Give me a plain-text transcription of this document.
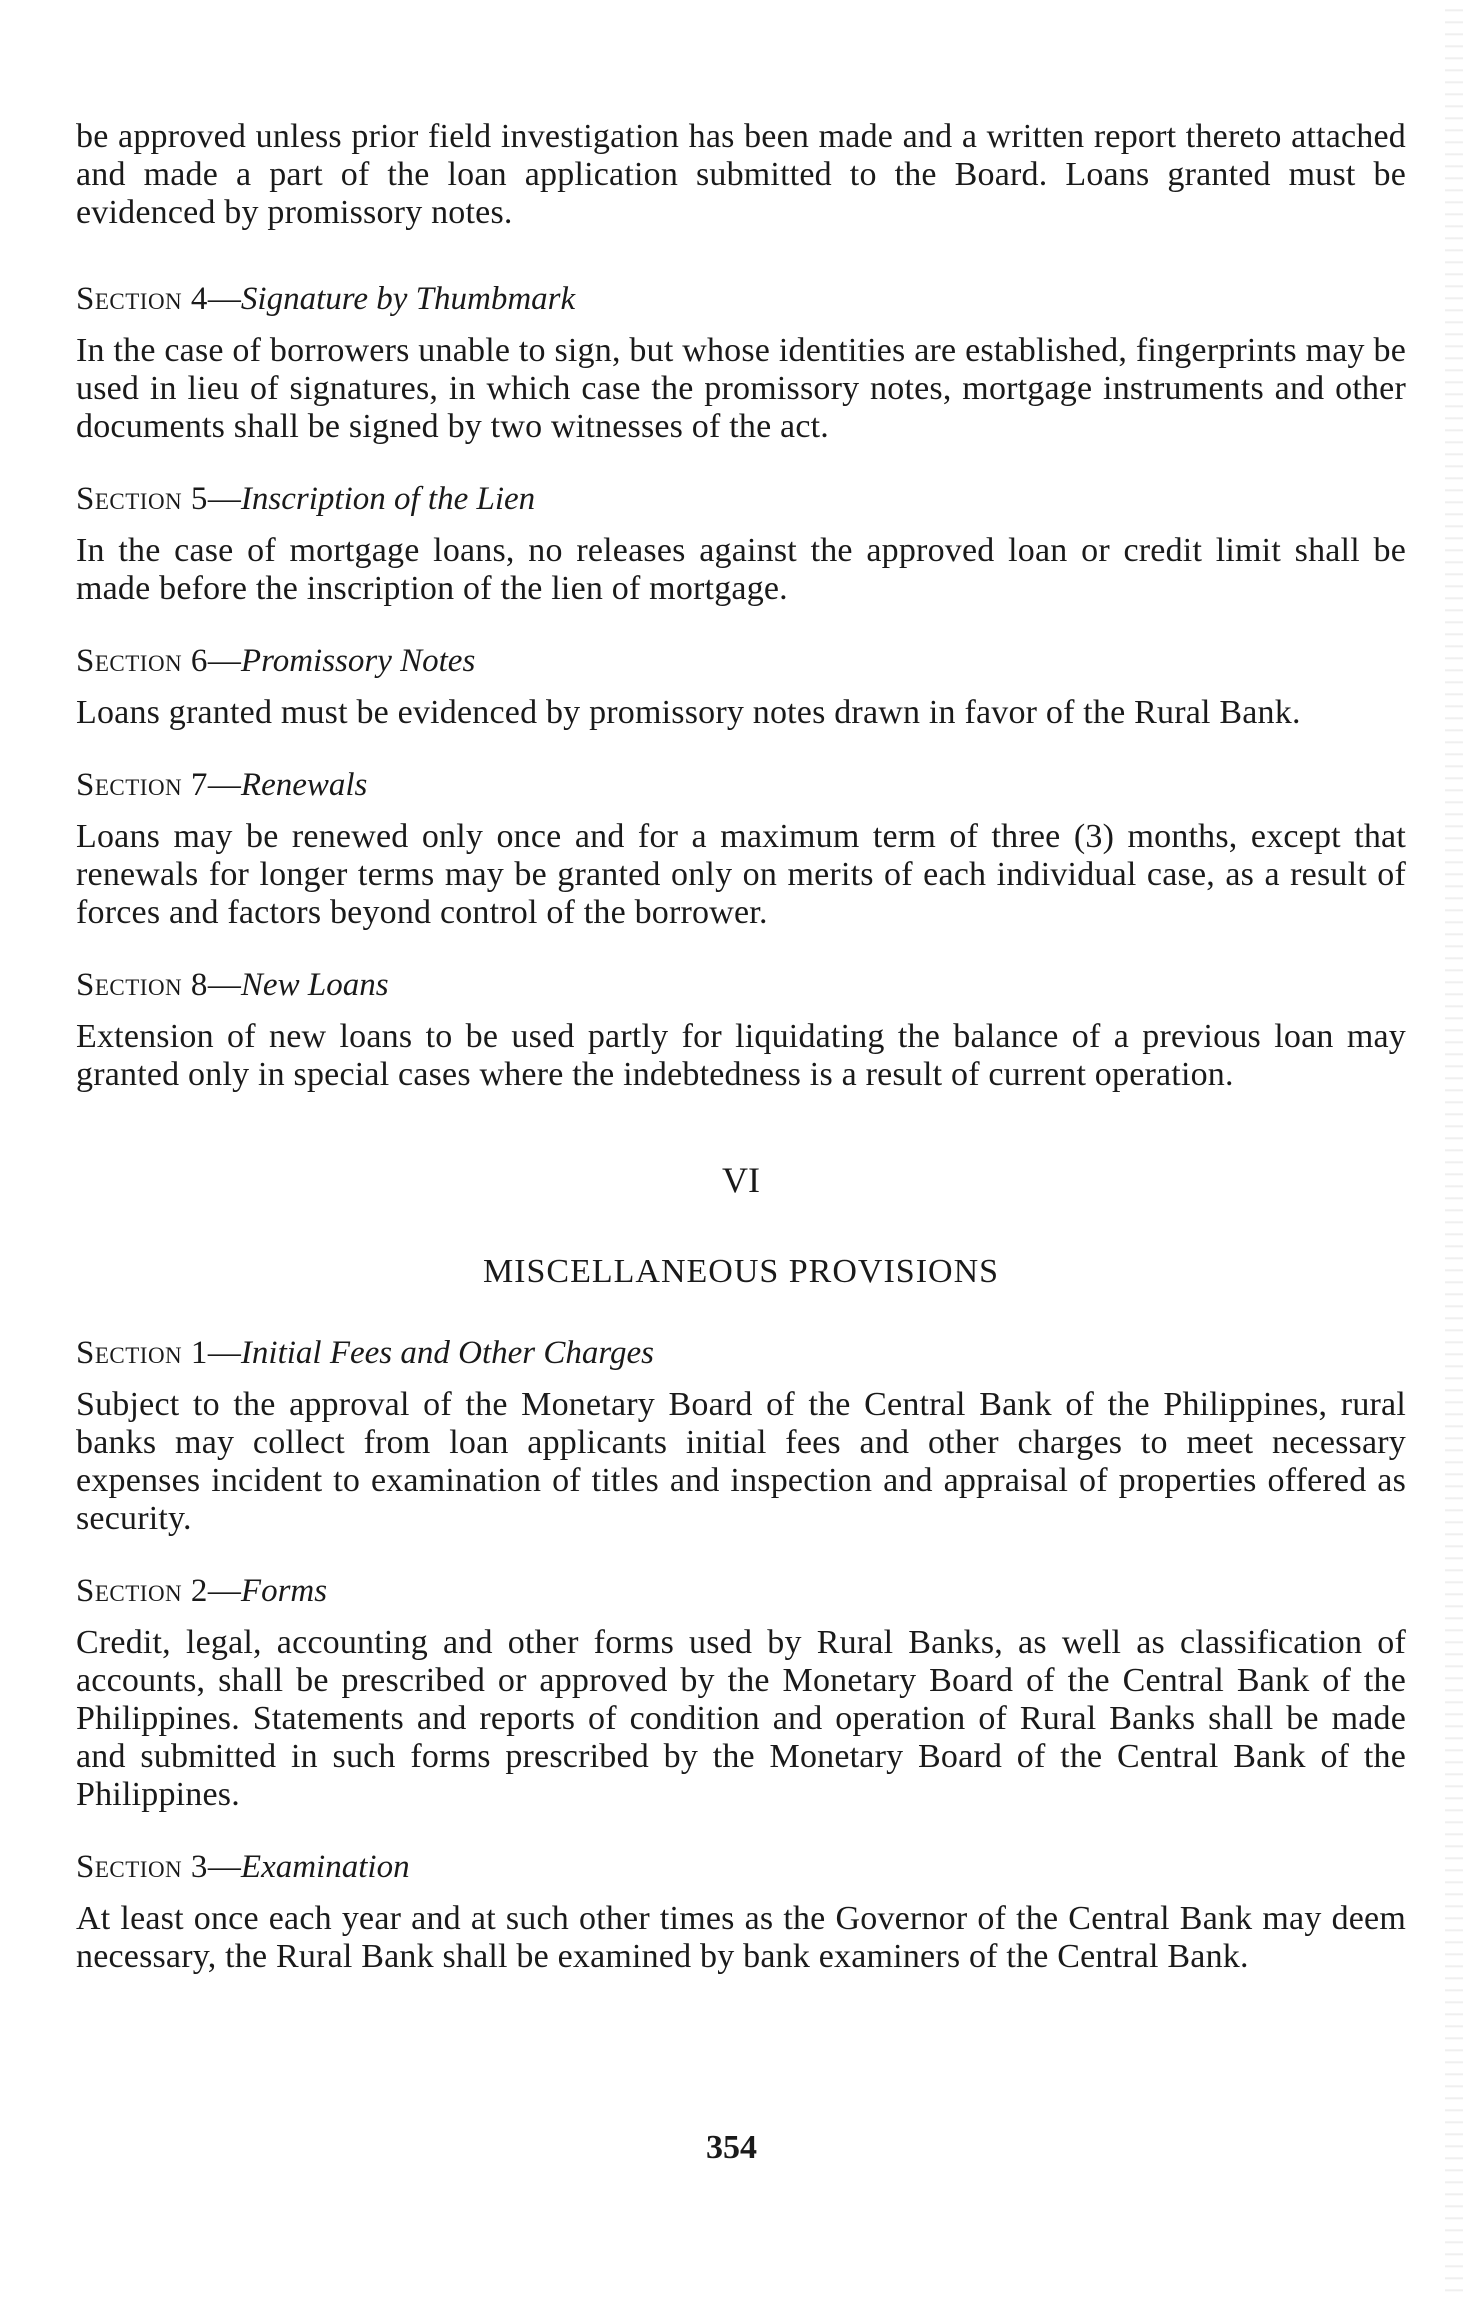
be approved unless prior field investigation has been made and a written report thereto attached and made a part of the loan application submitted to the Board. Loans granted must be evidenced by promissory notes.

Section 4—Signature by Thumbmark

In the case of borrowers unable to sign, but whose identities are established, fingerprints may be used in lieu of signatures, in which case the promissory notes, mortgage instruments and other documents shall be signed by two witnesses of the act.

Section 5—Inscription of the Lien

In the case of mortgage loans, no releases against the approved loan or credit limit shall be made before the inscription of the lien of mortgage.

Section 6—Promissory Notes

Loans granted must be evidenced by promissory notes drawn in favor of the Rural Bank.

Section 7—Renewals

Loans may be renewed only once and for a maximum term of three (3) months, except that renewals for longer terms may be granted only on merits of each individual case, as a result of forces and factors beyond control of the borrower.

Section 8—New Loans

Extension of new loans to be used partly for liquidating the balance of a previous loan may granted only in special cases where the indebtedness is a result of current operation.

VI

MISCELLANEOUS PROVISIONS

Section 1—Initial Fees and Other Charges

Subject to the approval of the Monetary Board of the Central Bank of the Philippines, rural banks may collect from loan applicants initial fees and other charges to meet necessary expenses incident to examination of titles and inspection and appraisal of properties offered as security.

Section 2—Forms

Credit, legal, accounting and other forms used by Rural Banks, as well as classification of accounts, shall be prescribed or approved by the Monetary Board of the Central Bank of the Philippines. Statements and reports of condition and operation of Rural Banks shall be made and submitted in such forms prescribed by the Monetary Board of the Central Bank of the Philippines.

Section 3—Examination

At least once each year and at such other times as the Governor of the Central Bank may deem necessary, the Rural Bank shall be examined by bank examiners of the Central Bank.

354
